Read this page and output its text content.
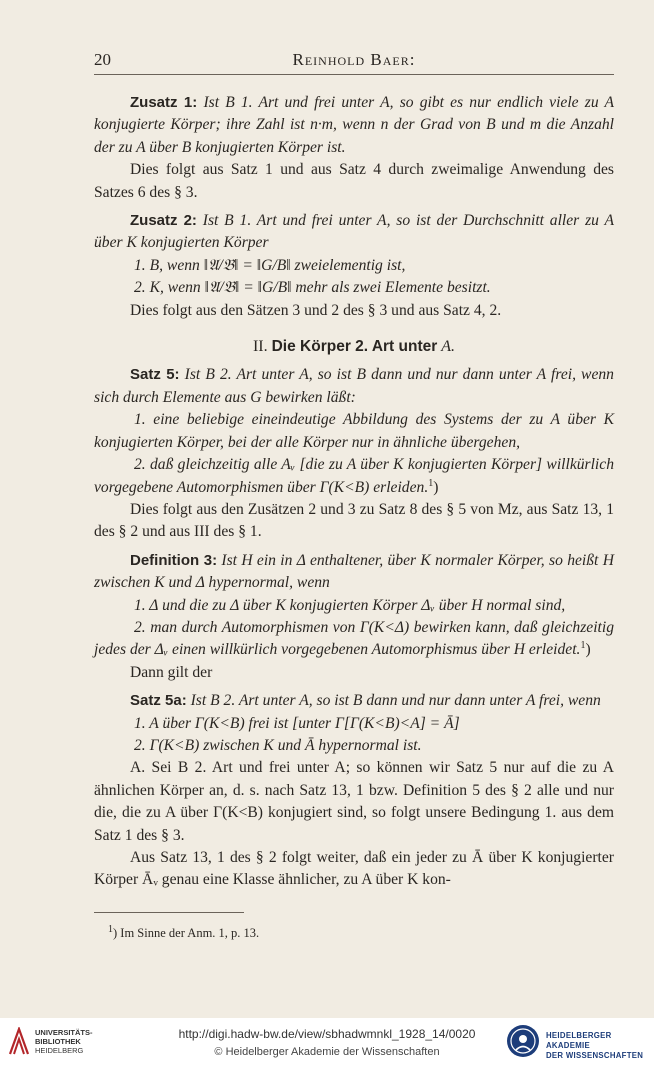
20	Reinhold Baer:

Zusatz 1: Ist B 1. Art und frei unter A, so gibt es nur endlich viele zu A konjugierte Körper; ihre Zahl ist n·m, wenn n der Grad von B und m die Anzahl der zu A über B konjugierten Körper ist.

Dies folgt aus Satz 1 und aus Satz 4 durch zweimalige Anwendung des Satzes 6 des § 3.

Zusatz 2: Ist B 1. Art und frei unter A, so ist der Durchschnitt aller zu A über K konjugierten Körper

1. B, wenn ‖𝔄/𝔅‖ = ‖G/B‖ zweielementig ist,

2. K, wenn ‖𝔄/𝔅‖ = ‖G/B‖ mehr als zwei Elemente besitzt.

Dies folgt aus den Sätzen 3 und 2 des § 3 und aus Satz 4, 2.

II. Die Körper 2. Art unter A.

Satz 5: Ist B 2. Art unter A, so ist B dann und nur dann unter A frei, wenn sich durch Elemente aus G bewirken läßt:

1. eine beliebige eineindeutige Abbildung des Systems der zu A über K konjugierten Körper, bei der alle Körper nur in ähnliche übergehen,

2. daß gleichzeitig alle Aᵥ [die zu A über K konjugierten Körper] willkürlich vorgegebene Automorphismen über Γ(K<B) erleiden.$^1$)

Dies folgt aus den Zusätzen 2 und 3 zu Satz 8 des § 5 von Mz, aus Satz 13, 1 des § 2 und aus III des § 1.

Definition 3: Ist H ein in Δ enthaltener, über K normaler Körper, so heißt H zwischen K und Δ hypernormal, wenn

1. Δ und die zu Δ über K konjugierten Körper Δᵥ über H normal sind,

2. man durch Automorphismen von Γ(K<Δ) bewirken kann, daß gleichzeitig jedes der Δᵥ einen willkürlich vorgegebenen Automorphismus über H erleidet.$^1$)

Dann gilt der

Satz 5a: Ist B 2. Art unter A, so ist B dann und nur dann unter A frei, wenn

1. A über Γ(K<B) frei ist [unter Γ[Γ(K<B)<A] = Ā]

2. Γ(K<B) zwischen K und Ā hypernormal ist.

A. Sei B 2. Art und frei unter A; so können wir Satz 5 nur auf die zu A ähnlichen Körper an, d. s. nach Satz 13, 1 bzw. Definition 5 des § 2 alle und nur die, die zu A über Γ(K<B) konjugiert sind, so folgt unsere Bedingung 1. aus dem Satz 1 des § 3.

Aus Satz 13, 1 des § 2 folgt weiter, daß ein jeder zu Ā über K konjugierter Körper Āᵥ genau eine Klasse ähnlicher, zu A über K kon-

$^1$) Im Sinne der Anm. 1, p. 13.

UNIVERSITÄTS-
BIBLIOTHEK
HEIDELBERG
http://digi.hadw-bw.de/view/sbhadwmnkl_1928_14/0020
© Heidelberger Akademie der Wissenschaften
HEIDELBERGER AKADEMIE
DER WISSENSCHAFTEN
